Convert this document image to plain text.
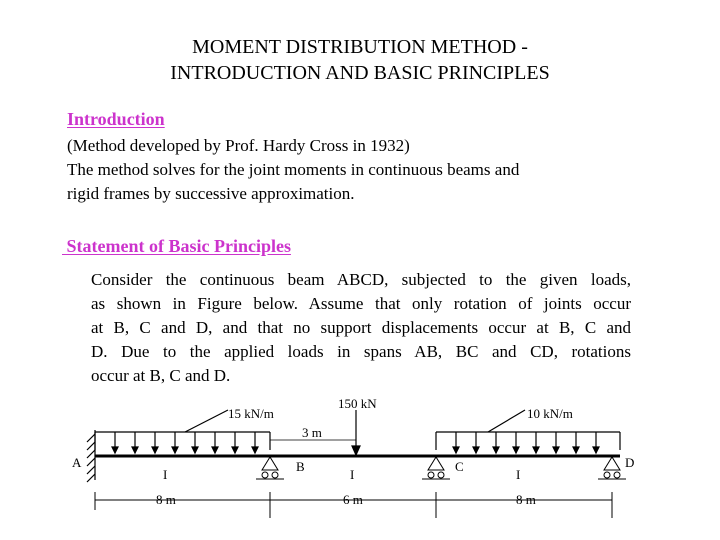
MOMENT DISTRIBUTION METHOD -
INTRODUCTION AND BASIC PRINCIPLES
Introduction
(Method developed by Prof. Hardy Cross in 1932)
The method solves for the joint moments in continuous beams and
rigid frames by successive approximation.
Statement of Basic Principles
Consider the continuous beam ABCD, subjected to the given loads,
as shown in Figure below. Assume that only rotation of joints occur
at B, C and D, and that no support displacements occur at B, C and
D. Due to the applied loads in spans AB, BC and CD, rotations
occur at B, C and D.
15 kN/m
150 kN
10 kN/m
3 m
A	B	C	D
I	I	I
8 m	6 m	8 m
